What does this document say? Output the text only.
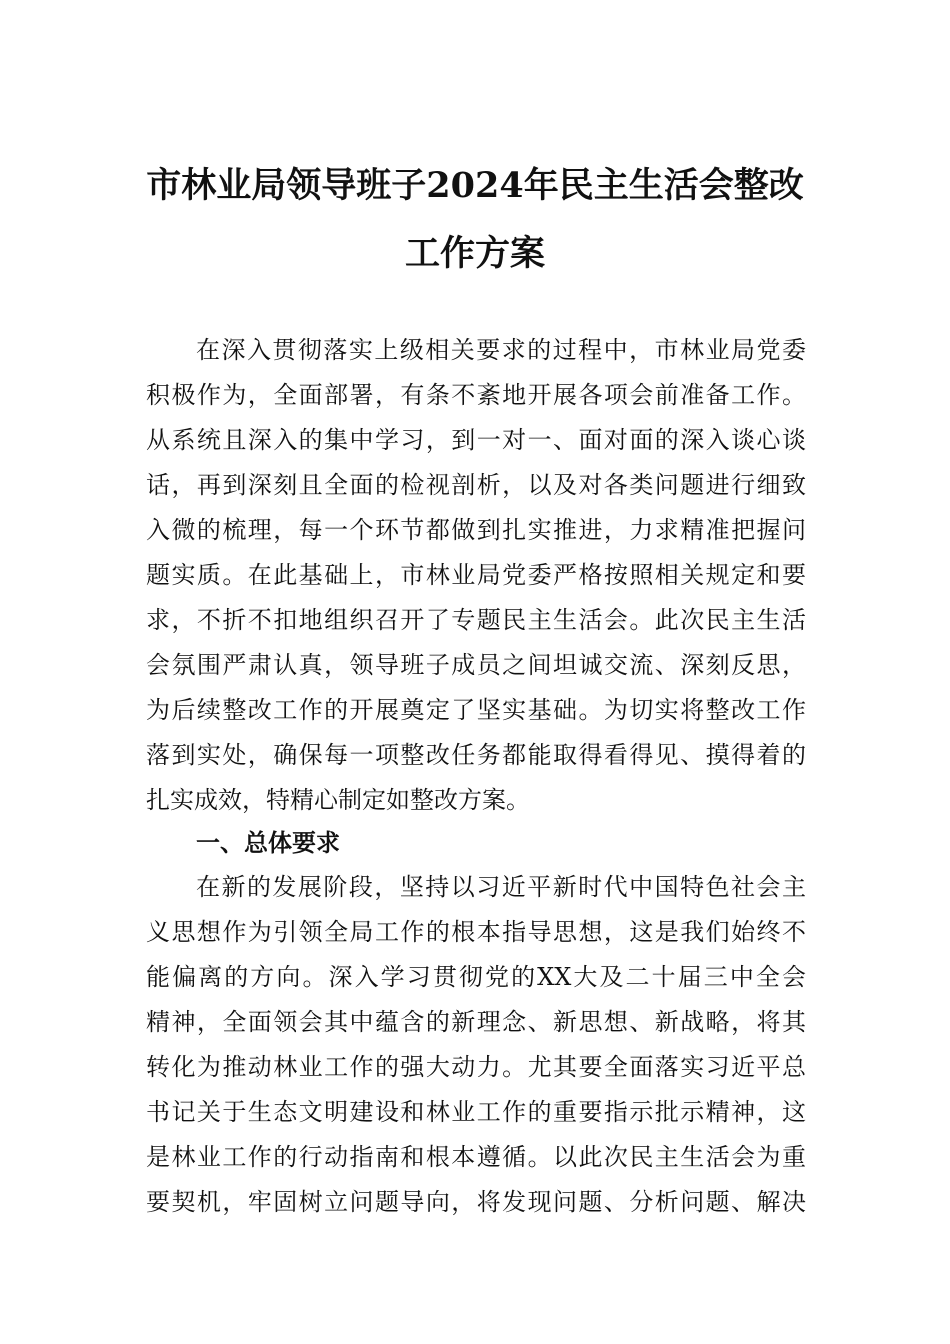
市林业局领导班子2024年民主生活会整改
工作方案
在深入贯彻落实上级相关要求的过程中，市林业局党委
积极作为，全面部署，有条不紊地开展各项会前准备工作。
从系统且深入的集中学习，到一对一、面对面的深入谈心谈
话，再到深刻且全面的检视剖析，以及对各类问题进行细致
入微的梳理，每一个环节都做到扎实推进，力求精准把握问
题实质。在此基础上，市林业局党委严格按照相关规定和要
求，不折不扣地组织召开了专题民主生活会。此次民主生活
会氛围严肃认真，领导班子成员之间坦诚交流、深刻反思，
为后续整改工作的开展奠定了坚实基础。为切实将整改工作
落到实处，确保每一项整改任务都能取得看得见、摸得着的
扎实成效，特精心制定如整改方案。
一、总体要求
在新的发展阶段，坚持以习近平新时代中国特色社会主
义思想作为引领全局工作的根本指导思想，这是我们始终不
能偏离的方向。深入学习贯彻党的XX大及二十届三中全会
精神，全面领会其中蕴含的新理念、新思想、新战略，将其
转化为推动林业工作的强大动力。尤其要全面落实习近平总
书记关于生态文明建设和林业工作的重要指示批示精神，这
是林业工作的行动指南和根本遵循。以此次民主生活会为重
要契机，牢固树立问题导向，将发现问题、分析问题、解决
